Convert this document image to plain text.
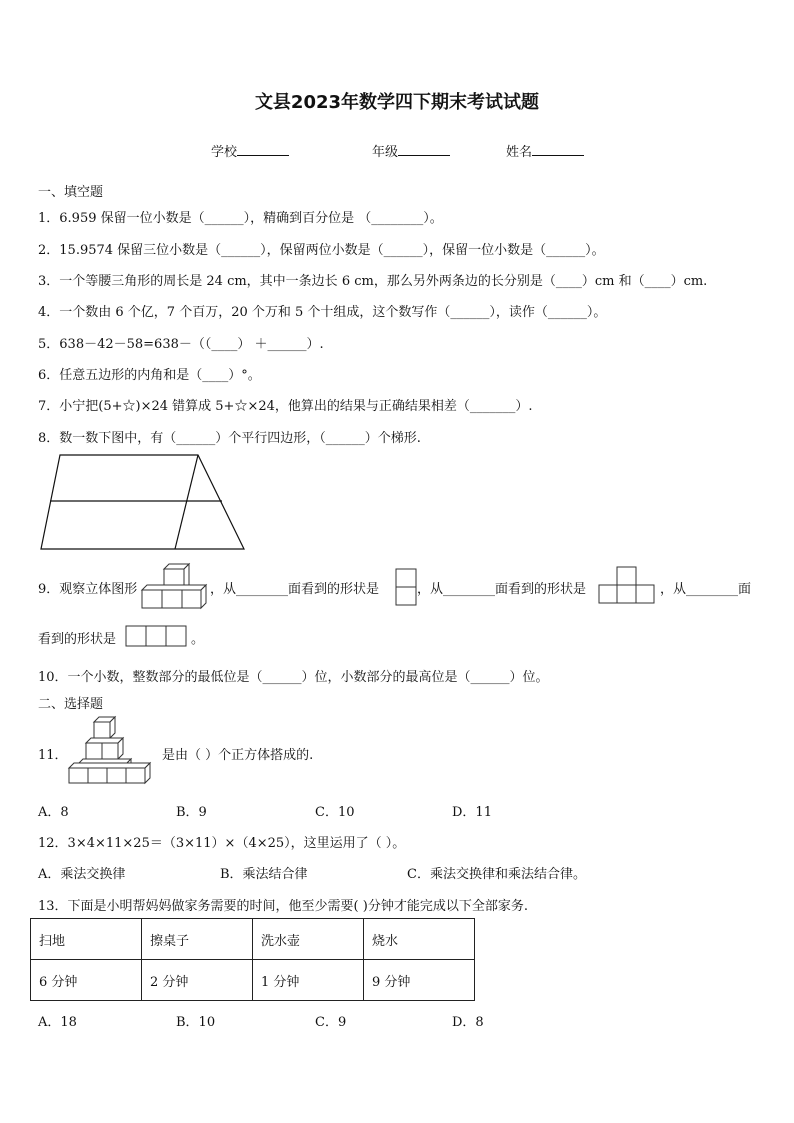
文县2023年数学四下期末考试试题
学校	年级	姓名
一、填空题
1．6.959 保留一位小数是（______），精确到百分位是 （________）。
2．15.9574 保留三位小数是（______），保留两位小数是（______），保留一位小数是（______）。
3．一个等腰三角形的周长是 24 cm，其中一条边长 6 cm，那么另外两条边的长分别是（____）cm 和（____）cm.
4．一个数由 6 个亿，7 个百万，20 个万和 5 个十组成，这个数写作（______），读作（______）。
5．638－42－58=638－（（____） ＋______）.
6．任意五边形的内角和是（____）°。
7．小宁把(5+☆)×24 错算成 5+☆×24，他算出的结果与正确结果相差（_______）.
8．数一数下图中，有（______）个平行四边形，（______）个梯形.
9．观察立体图形	，从________面看到的形状是	，从________面看到的形状是	，从________面
看到的形状是	。
10．一个小数，整数部分的最低位是（______）位，小数部分的最高位是（______）位。
二、选择题
11．	是由（ ）个正方体搭成的.
A．8	B．9	C．10	D．11
12．3×4×11×25＝（3×11）×（4×25），这里运用了（ ）。
A．乘法交换律	B．乘法结合律	C．乘法交换律和乘法结合律。
13．下面是小明帮妈妈做家务需要的时间，他至少需要( )分钟才能完成以下全部家务.
扫地	擦桌子	洗水壶	烧水
6 分钟	2 分钟	1 分钟	9 分钟
A．18	B．10	C．9	D．8
